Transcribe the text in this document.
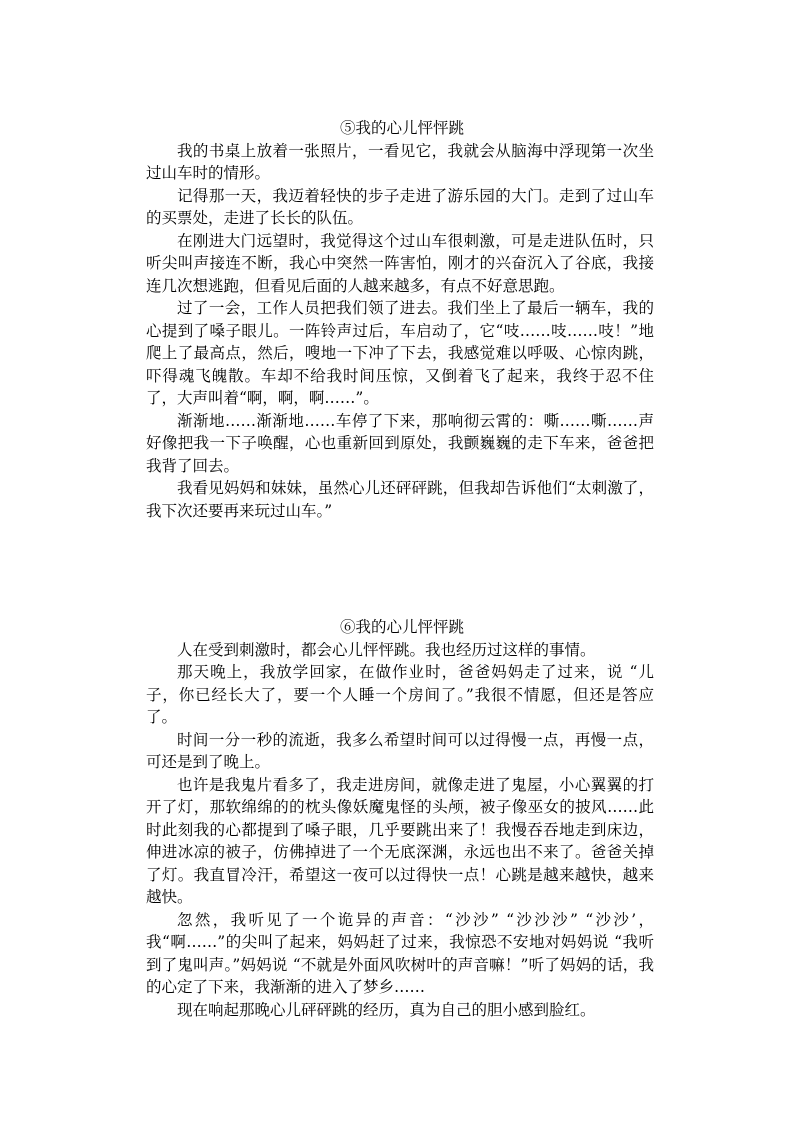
⑤我的心儿怦怦跳

我的书桌上放着一张照片，一看见它，我就会从脑海中浮现第一次坐过山车时的情形。

记得那一天，我迈着轻快的步子走进了游乐园的大门。走到了过山车的买票处，走进了长长的队伍。

在刚进大门远望时，我觉得这个过山车很刺激，可是走进队伍时，只听尖叫声接连不断，我心中突然一阵害怕，刚才的兴奋沉入了谷底，我接连几次想逃跑，但看见后面的人越来越多，有点不好意思跑。

过了一会，工作人员把我们领了进去。我们坐上了最后一辆车，我的心提到了嗓子眼儿。一阵铃声过后，车启动了，它“吱……吱……吱！”地爬上了最高点，然后，嗖地一下冲了下去，我感觉难以呼吸、心惊肉跳，吓得魂飞魄散。车却不给我时间压惊，又倒着飞了起来，我终于忍不住了，大声叫着“啊，啊，啊……”。

渐渐地……渐渐地……车停了下来，那响彻云霄的：嘶……嘶……声好像把我一下子唤醒，心也重新回到原处，我颤巍巍的走下车来，爸爸把我背了回去。

我看见妈妈和妹妹，虽然心儿还砰砰跳，但我却告诉他们“太刺激了，我下次还要再来玩过山车。”

⑥我的心儿怦怦跳

人在受到刺激时，都会心儿怦怦跳。我也经历过这样的事情。

那天晚上，我放学回家，在做作业时，爸爸妈妈走了过来，说 “儿子，你已经长大了，要一个人睡一个房间了。”我很不情愿，但还是答应了。

时间一分一秒的流逝，我多么希望时间可以过得慢一点，再慢一点，可还是到了晚上。

也许是我鬼片看多了，我走进房间，就像走进了鬼屋，小心翼翼的打开了灯，那软绵绵的的枕头像妖魔鬼怪的头颅，被子像巫女的披风……此时此刻我的心都提到了嗓子眼，几乎要跳出来了！我慢吞吞地走到床边，伸进冰凉的被子，仿佛掉进了一个无底深渊，永远也出不来了。爸爸关掉了灯。我直冒冷汗，希望这一夜可以过得快一点！心跳是越来越快，越来越快。

忽然，我听见了一个诡异的声音：“沙沙” “沙沙沙” “沙沙’，我“啊……”的尖叫了起来，妈妈赶了过来，我惊恐不安地对妈妈说 “我听到了鬼叫声。”妈妈说 “不就是外面风吹树叶的声音嘛！”听了妈妈的话，我的心定了下来，我渐渐的进入了梦乡……

现在响起那晚心儿砰砰跳的经历，真为自己的胆小感到脸红。
